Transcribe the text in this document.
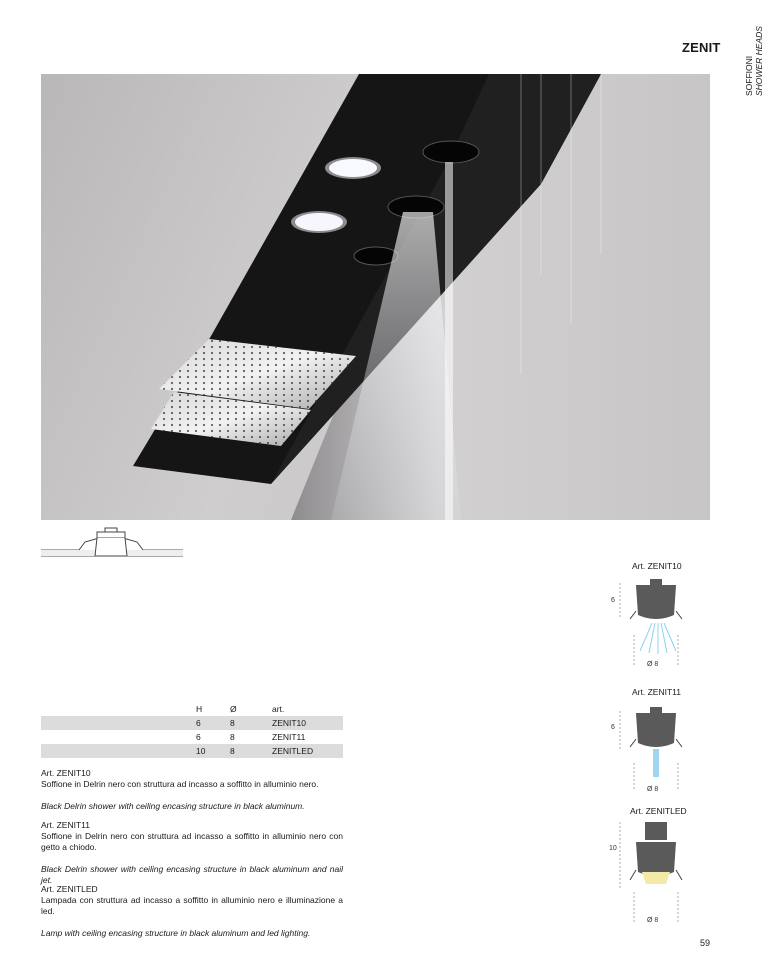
ZENIT
SOFFIONI SHOWER HEADS
Art. ZENIT10
6
Ø 8
Art. ZENIT11
6
Ø 8
Art. ZENITLED
10
Ø 8
H	Ø	art.
6	8	ZENIT10
6	8	ZENIT11
10	8	ZENITLED

Art. ZENIT10

Soffione in Delrin nero con struttura ad incasso a soffitto in alluminio nero.

Black Delrin shower with ceiling encasing structure in black aluminum.

Art. ZENIT11

Soffione in Delrin nero con struttura ad incasso a soffitto in alluminio nero con getto a chiodo.

Black Delrin shower with ceiling encasing structure in black aluminum and nail jet.

Art. ZENITLED

Lampada con struttura ad incasso a soffitto in alluminio nero e illuminazione a led.

Lamp with ceiling encasing structure in black aluminum and led lighting.

59
